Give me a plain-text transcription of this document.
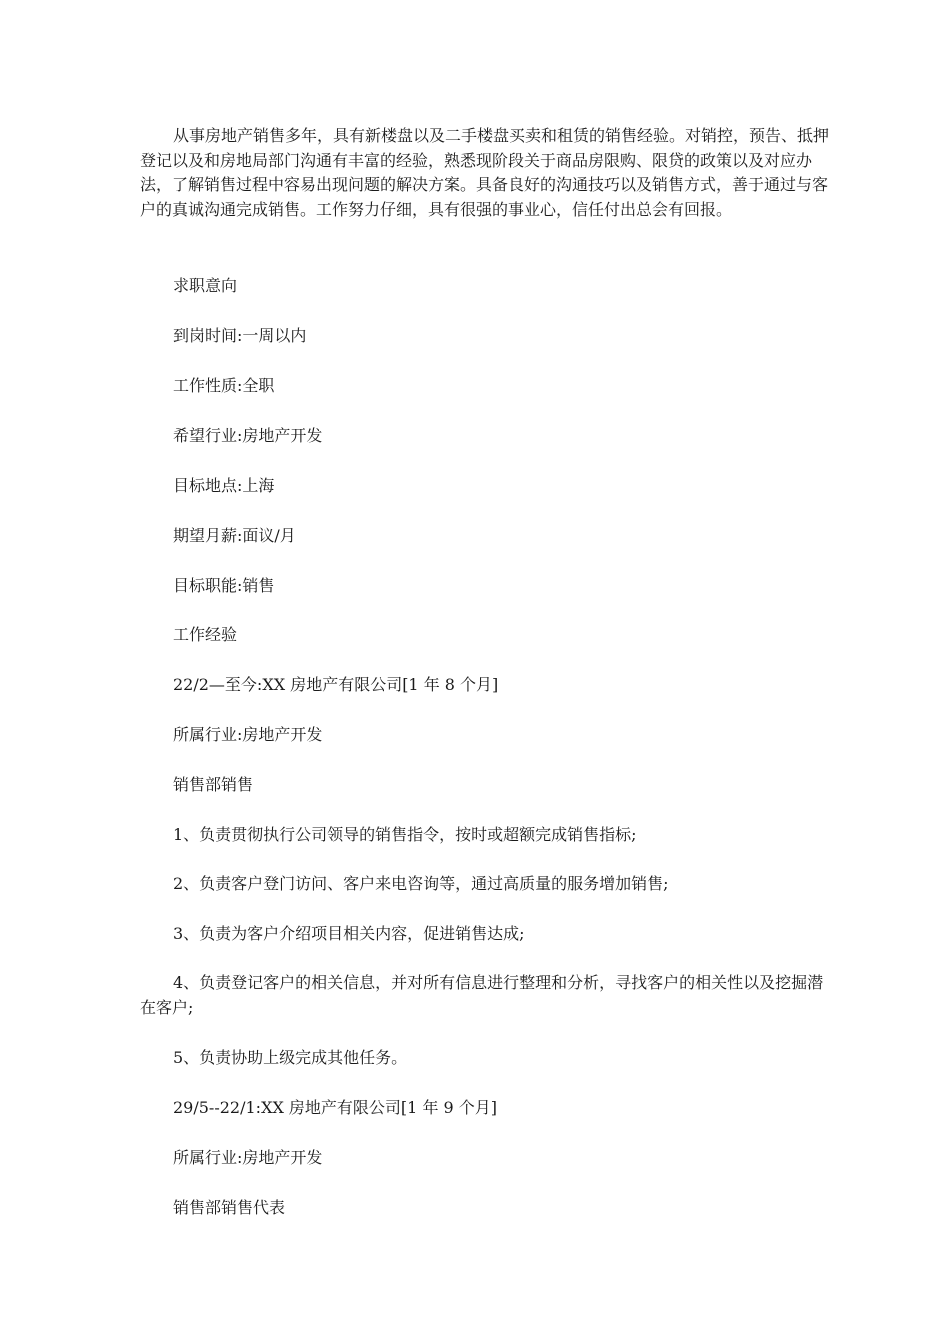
从事房地产销售多年，具有新楼盘以及二手楼盘买卖和租赁的销售经验。对销控，预告、抵押登记以及和房地局部门沟通有丰富的经验，熟悉现阶段关于商品房限购、限贷的政策以及对应办法，了解销售过程中容易出现问题的解决方案。具备良好的沟通技巧以及销售方式，善于通过与客户的真诚沟通完成销售。工作努力仔细，具有很强的事业心，信任付出总会有回报。

求职意向

到岗时间:一周以内

工作性质:全职

希望行业:房地产开发

目标地点:上海

期望月薪:面议/月

目标职能:销售

工作经验

22/2—至今:XX 房地产有限公司[1 年 8 个月]

所属行业:房地产开发

销售部销售

1、负责贯彻执行公司领导的销售指令，按时或超额完成销售指标;

2、负责客户登门访问、客户来电咨询等，通过高质量的服务增加销售;

3、负责为客户介绍项目相关内容，促进销售达成;

4、负责登记客户的相关信息，并对所有信息进行整理和分析，寻找客户的相关性以及挖掘潜在客户;

5、负责协助上级完成其他任务。

29/5--22/1:XX 房地产有限公司[1 年 9 个月]

所属行业:房地产开发

销售部销售代表
